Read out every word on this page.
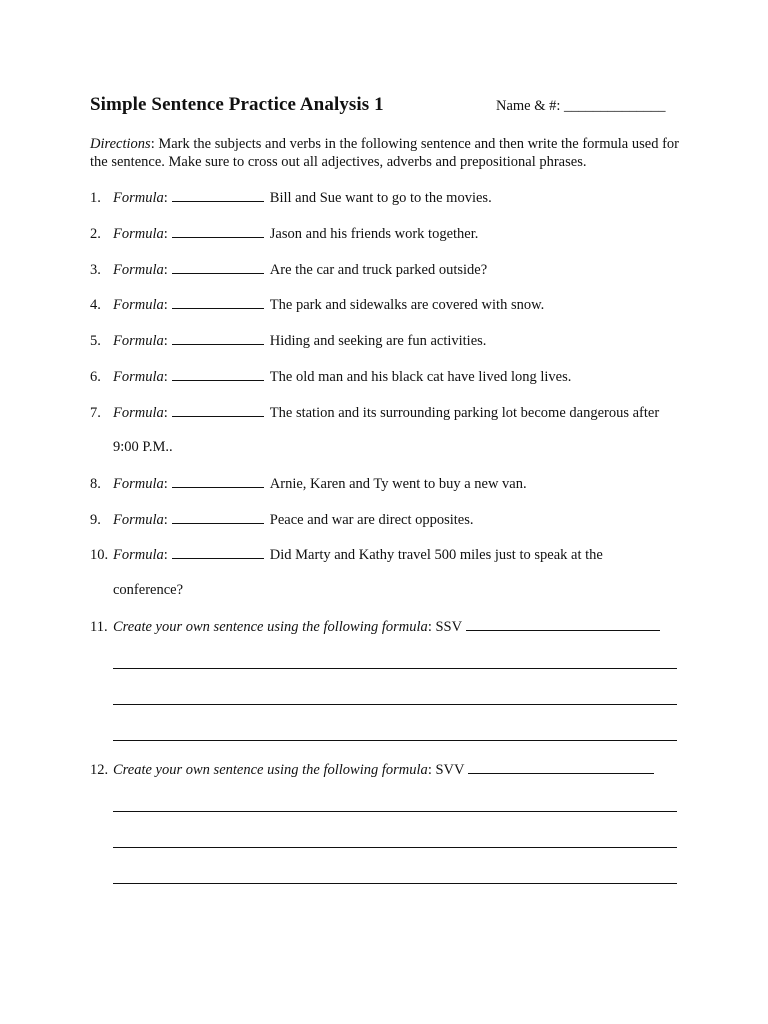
Simple Sentence Practice Analysis 1	Name & #: ______________
Directions: Mark the subjects and verbs in the following sentence and then write the formula used for the sentence. Make sure to cross out all adjectives, adverbs and prepositional phrases.
1. Formula:	Bill and Sue want to go to the movies.
2. Formula:	Jason and his friends work together.
3. Formula:	Are the car and truck parked outside?
4. Formula:	The park and sidewalks are covered with snow.
5. Formula:	Hiding and seeking are fun activities.
6. Formula:	The old man and his black cat have lived long lives.
7. Formula:	The station and its surrounding parking lot become dangerous after
9:00 P.M..
8. Formula:	Arnie, Karen and Ty went to buy a new van.
9. Formula:	Peace and war are direct opposites.
10. Formula:	Did Marty and Kathy travel 500 miles just to speak at the
conference?
11. Create your own sentence using the following formula: SSV
12. Create your own sentence using the following formula: SVV
